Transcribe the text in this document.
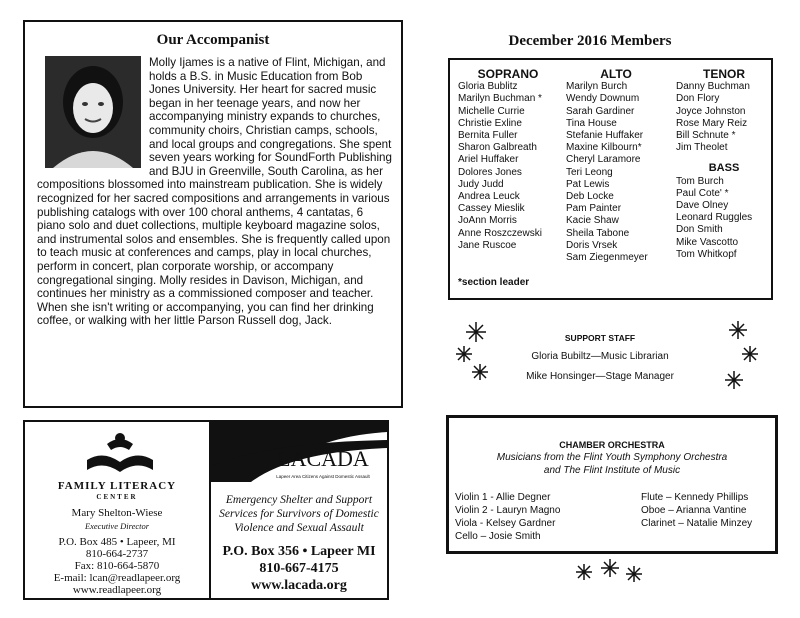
Our Accompanist
Molly Ijames is a native of Flint, Michigan, and holds a B.S. in Music Education from Bob Jones University. Her heart for sacred music began in her teenage years, and now her accompanying ministry expands to churches, community choirs, Christian camps, schools, and local groups and congregations. She spent seven years working for SoundForth Publishing and BJU in Greenville, South Carolina, as her compositions blossomed into mainstream publication. She is widely recognized for her sacred compositions and arrangements in various publishing catalogs with over 100 choral anthems, 4 cantatas, 6 piano solo and duet collections, multiple keyboard magazine solos, and instrumental solos and ensembles. She is frequently called upon to teach music at conferences and camps, play in local churches, perform in concert, plan corporate worship, or accompany congregational singing. Molly resides in Davison, Michigan, and continues her ministry as a commissioned composer and teacher. When she isn't writing or accompanying, you can find her drinking coffee, or walking with her little Parson Russell dog, Jack.
FAMILY LITERACY
CENTER
Mary Shelton-Wiese
Executive Director
P.O. Box 485 • Lapeer, MI
810-664-2737
Fax: 810-664-5870
E-mail: lcan@readlapeer.org
www.readlapeer.org
LACADA
Lapeer Area Citizens Against Domestic Assault
Emergency Shelter and Support
Services for Survivors of Domestic
Violence and Sexual Assault
P.O. Box 356 • Lapeer MI
810-667-4175
www.lacada.org
December 2016 Members
SOPRANO
Gloria Bublitz
Marilyn Buchman *
Michelle Currie
Christie Exline
Bernita Fuller
Sharon Galbreath
Ariel Huffaker
Dolores Jones
Judy Judd
Andrea Leuck
Cassey Mieslik
JoAnn Morris
Anne Roszczewski
Jane Ruscoe
ALTO
Marilyn Burch
Wendy Downum
Sarah Gardiner
Tina House
Stefanie Huffaker
Maxine Kilbourn*
Cheryl Laramore
Teri Leong
Pat Lewis
Deb Locke
Pam Painter
Kacie Shaw
Sheila Tabone
Doris Vrsek
Sam Ziegenmeyer
TENOR
Danny Buchman
Don Flory
Joyce Johnston
Rose Mary Reiz
Bill Schnute *
Jim Theolet
BASS
Tom Burch
Paul Cote' *
Dave Olney
Leonard Ruggles
Don Smith
Mike Vascotto
Tom Whitkopf
*section leader
SUPPORT STAFF
Gloria Bubiltz—Music Librarian
Mike Honsinger—Stage Manager
CHAMBER ORCHESTRA
Musicians from the Flint Youth Symphony Orchestra
and The Flint Institute of Music
Violin 1 - Allie Degner
Violin 2 - Lauryn Magno
Viola - Kelsey Gardner
Cello – Josie Smith
Flute – Kennedy Phillips
Oboe – Arianna Vantine
Clarinet – Natalie Minzey
